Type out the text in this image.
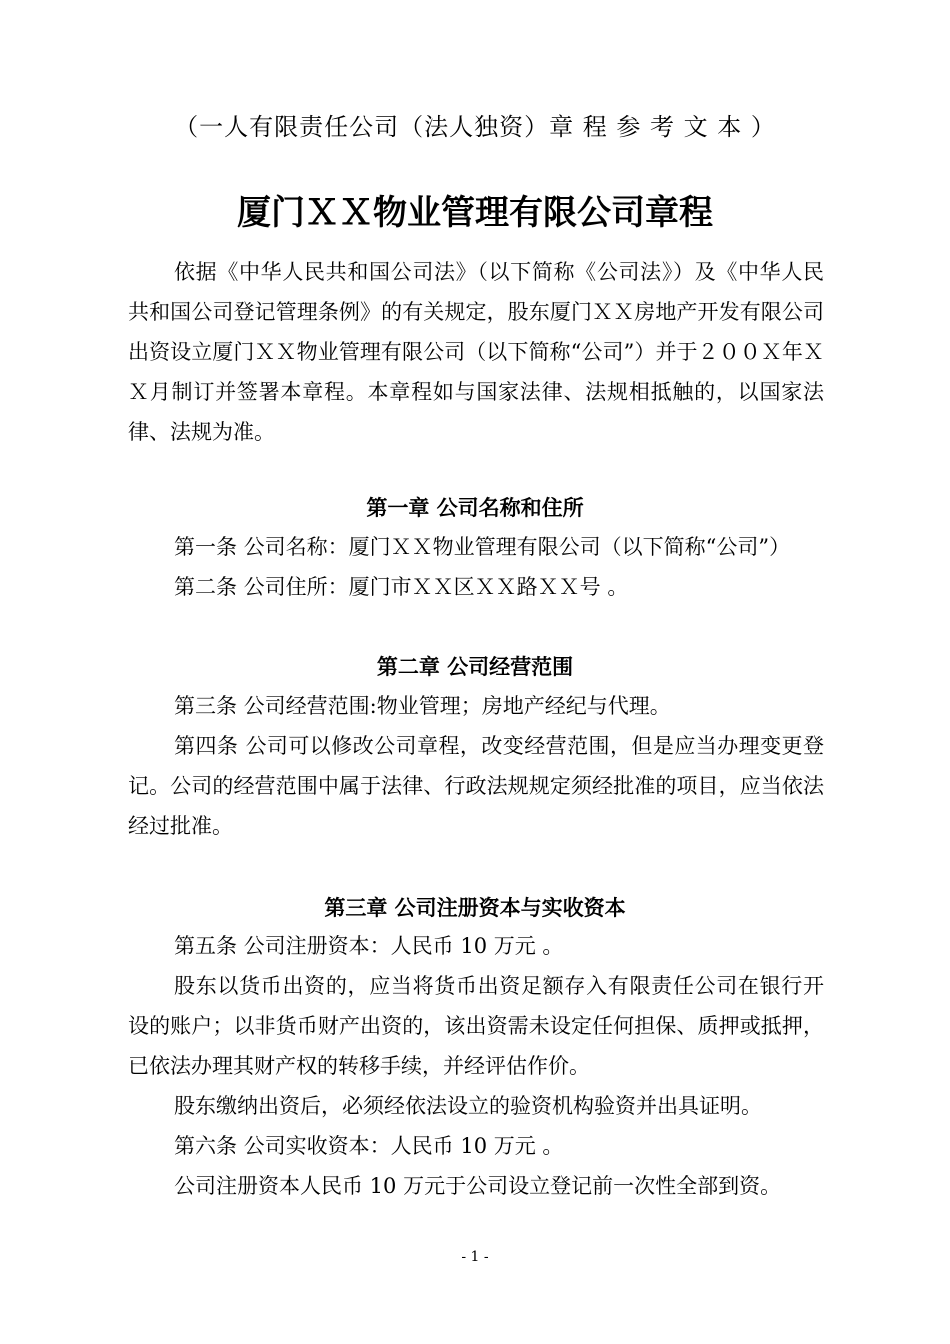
（一人有限责任公司（法人独资）章 程 参 考 文 本 ）
厦门ＸＸ物业管理有限公司章程
依据《中华人民共和国公司法》（以下简称《公司法》）及《中华人民共和国公司登记管理条例》的有关规定，股东厦门ＸＸ房地产开发有限公司出资设立厦门ＸＸ物业管理有限公司（以下简称“公司”）并于２００Ｘ年ＸＸ月制订并签署本章程。本章程如与国家法律、法规相抵触的，以国家法律、法规为准。
第一章 公司名称和住所
第一条 公司名称：厦门ＸＸ物业管理有限公司（以下简称“公司”）
第二条 公司住所：厦门市ＸＸ区ＸＸ路ＸＸ号 。
第二章 公司经营范围
第三条 公司经营范围:物业管理；房地产经纪与代理。
第四条 公司可以修改公司章程，改变经营范围，但是应当办理变更登记。公司的经营范围中属于法律、行政法规规定须经批准的项目，应当依法经过批准。
第三章 公司注册资本与实收资本
第五条 公司注册资本：人民币 10 万元 。
股东以货币出资的，应当将货币出资足额存入有限责任公司在银行开设的账户；以非货币财产出资的，该出资需未设定任何担保、质押或抵押，已依法办理其财产权的转移手续，并经评估作价。
股东缴纳出资后，必须经依法设立的验资机构验资并出具证明。
第六条 公司实收资本：人民币 10 万元 。
公司注册资本人民币 10 万元于公司设立登记前一次性全部到资。
- 1 -
